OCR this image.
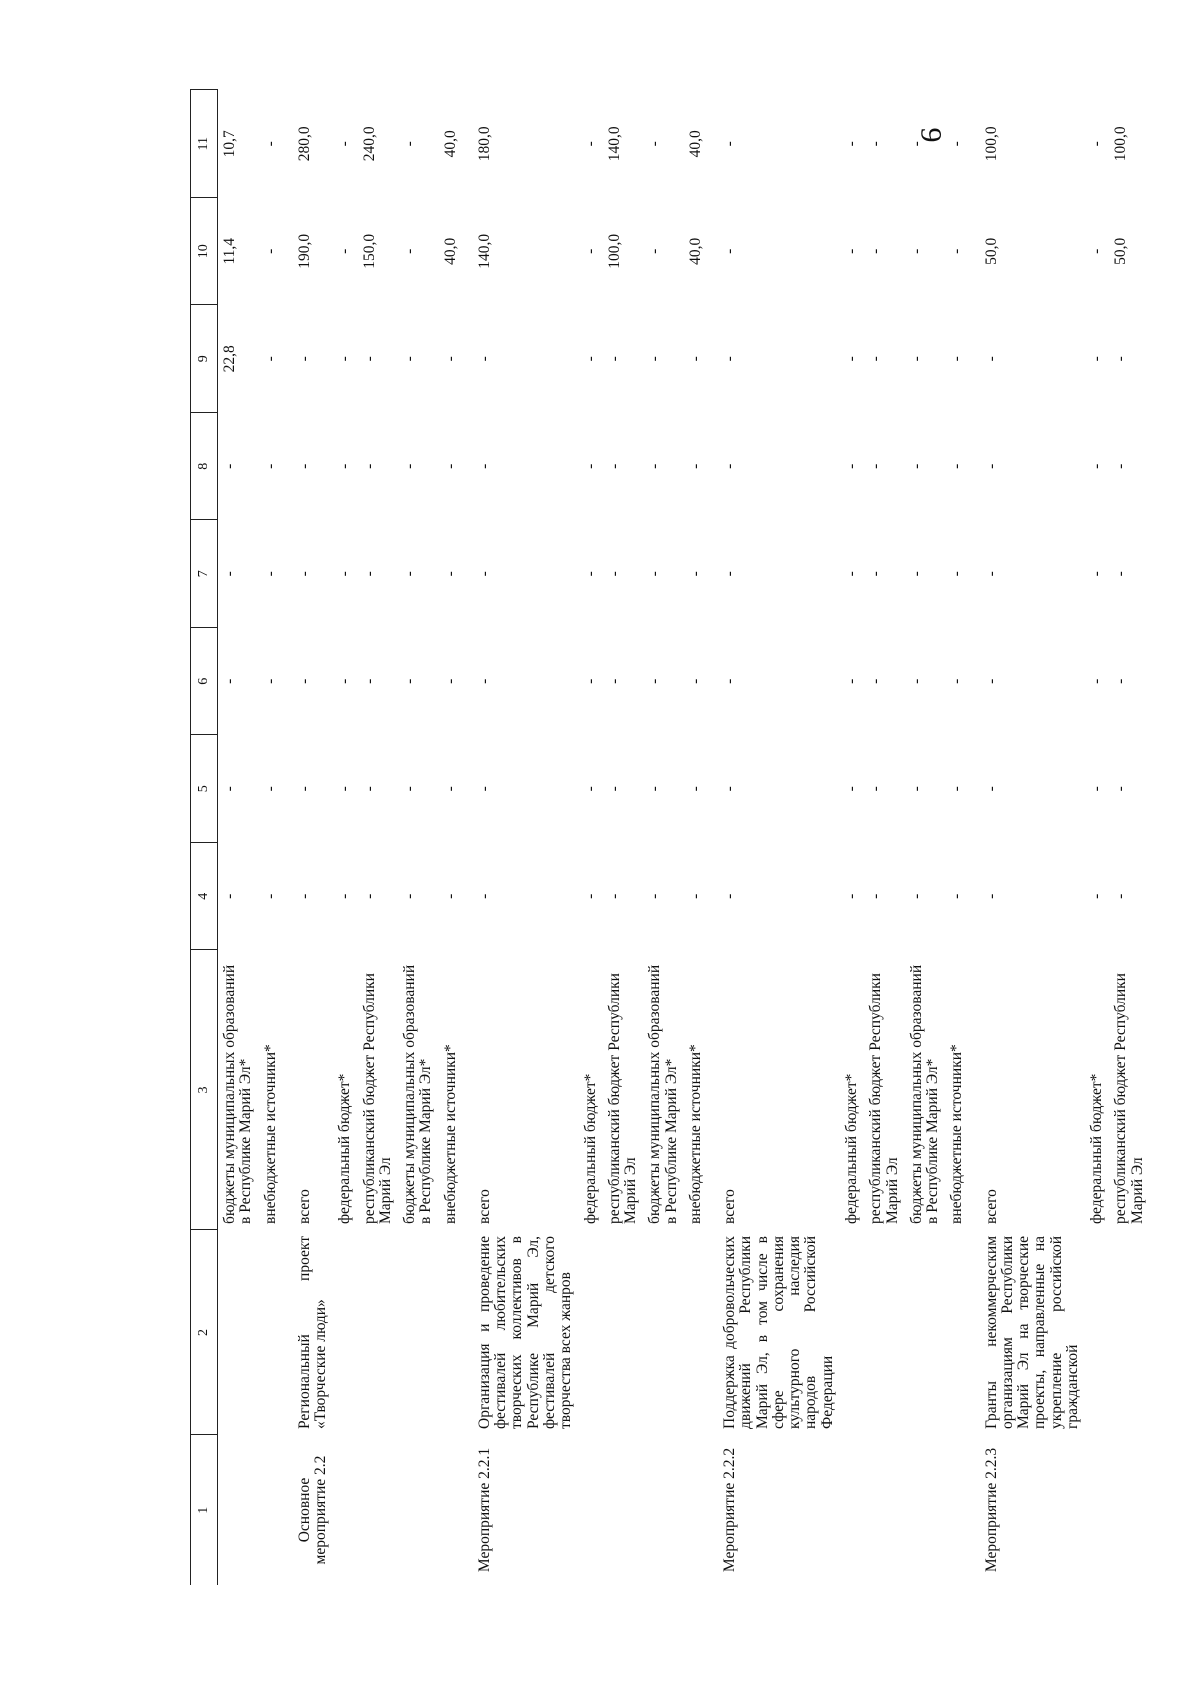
9
1	2	3	4	5	6	7	8	9	10	11
		бюджеты муниципальных образований в Республике Марий Эл*	-	-	-	-	-	22,8	11,4	10,7
		внебюджетные источники*	-	-	-	-	-	-	-	-
Основное мероприятие 2.2	Региональный проект «Творческие люди»	всего	-	-	-	-	-	-	190,0	280,0
		федеральный бюджет*	-	-	-	-	-	-	-	-
		республиканский бюджет Республики Марий Эл	-	-	-	-	-	-	150,0	240,0
		бюджеты муниципальных образований в Республике Марий Эл*	-	-	-	-	-	-	-	-
		внебюджетные источники*	-	-	-	-	-	-	40,0	40,0
Мероприятие 2.2.1	Организация и проведение фестивалей любительских творческих коллективов в Республике Марий Эл, фестивалей детского творчества всех жанров	всего	-	-	-	-	-	-	140,0	180,0
		федеральный бюджет*	-	-	-	-	-	-	-	-
		республиканский бюджет Республики Марий Эл	-	-	-	-	-	-	100,0	140,0
		бюджеты муниципальных образований в Республике Марий Эл*	-	-	-	-	-	-	-	-
		внебюджетные источники*	-	-	-	-	-	-	40,0	40,0
Мероприятие 2.2.2	Поддержка добровольческих движений Республики Марий Эл, в том числе в сфере сохранения культурного наследия народов Российской Федерации	всего	-	-	-	-	-	-	-	-
		федеральный бюджет*	-	-	-	-	-	-	-	-
		республиканский бюджет Республики Марий Эл	-	-	-	-	-	-	-	-
		бюджеты муниципальных образований в Республике Марий Эл*	-	-	-	-	-	-	-	-
		внебюджетные источники*	-	-	-	-	-	-	-	-
Мероприятие 2.2.3	Гранты некоммерческим организациям Республики Марий Эл на творческие проекты, направленные на укрепление российской гражданской	всего	-	-	-	-	-	-	50,0	100,0
		федеральный бюджет*	-	-	-	-	-	-	-	-
		республиканский бюджет Республики Марий Эл	-	-	-	-	-	-	50,0	100,0
